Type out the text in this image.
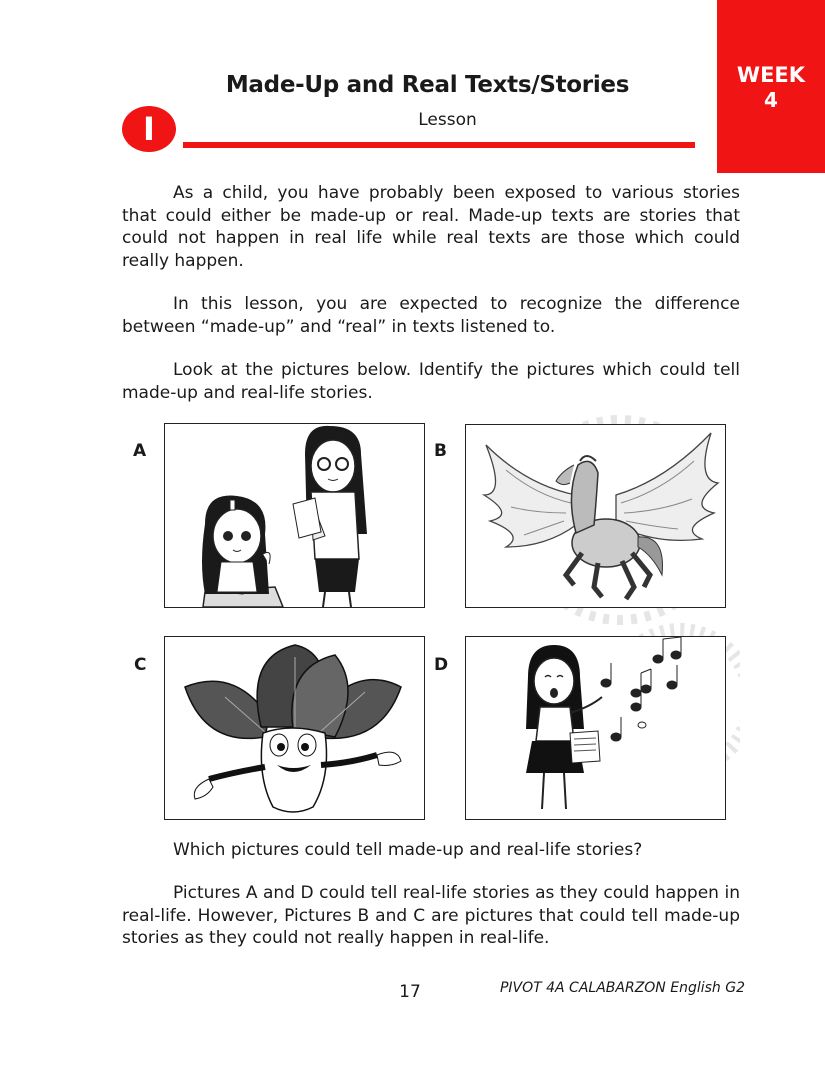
WEEK
4
Made-Up and Real Texts/Stories
I	Lesson

As a child, you have probably been exposed to various stories that could either be made-up or real. Made-up texts are stories that could not happen in real life while real texts are those which could really happen.

In this lesson, you are expected to recognize the difference between “made-up” and “real” in texts listened to.

Look at the pictures below. Identify the pictures which could tell made-up and real-life stories.

A	B
C	D

Which pictures could tell made-up and real-life stories?

Pictures A and D could tell real-life stories as they could happen in real-life. However, Pictures B and C are pictures that could tell made-up stories as they could not really happen in real-life.

17	PIVOT 4A CALABARZON English G2
